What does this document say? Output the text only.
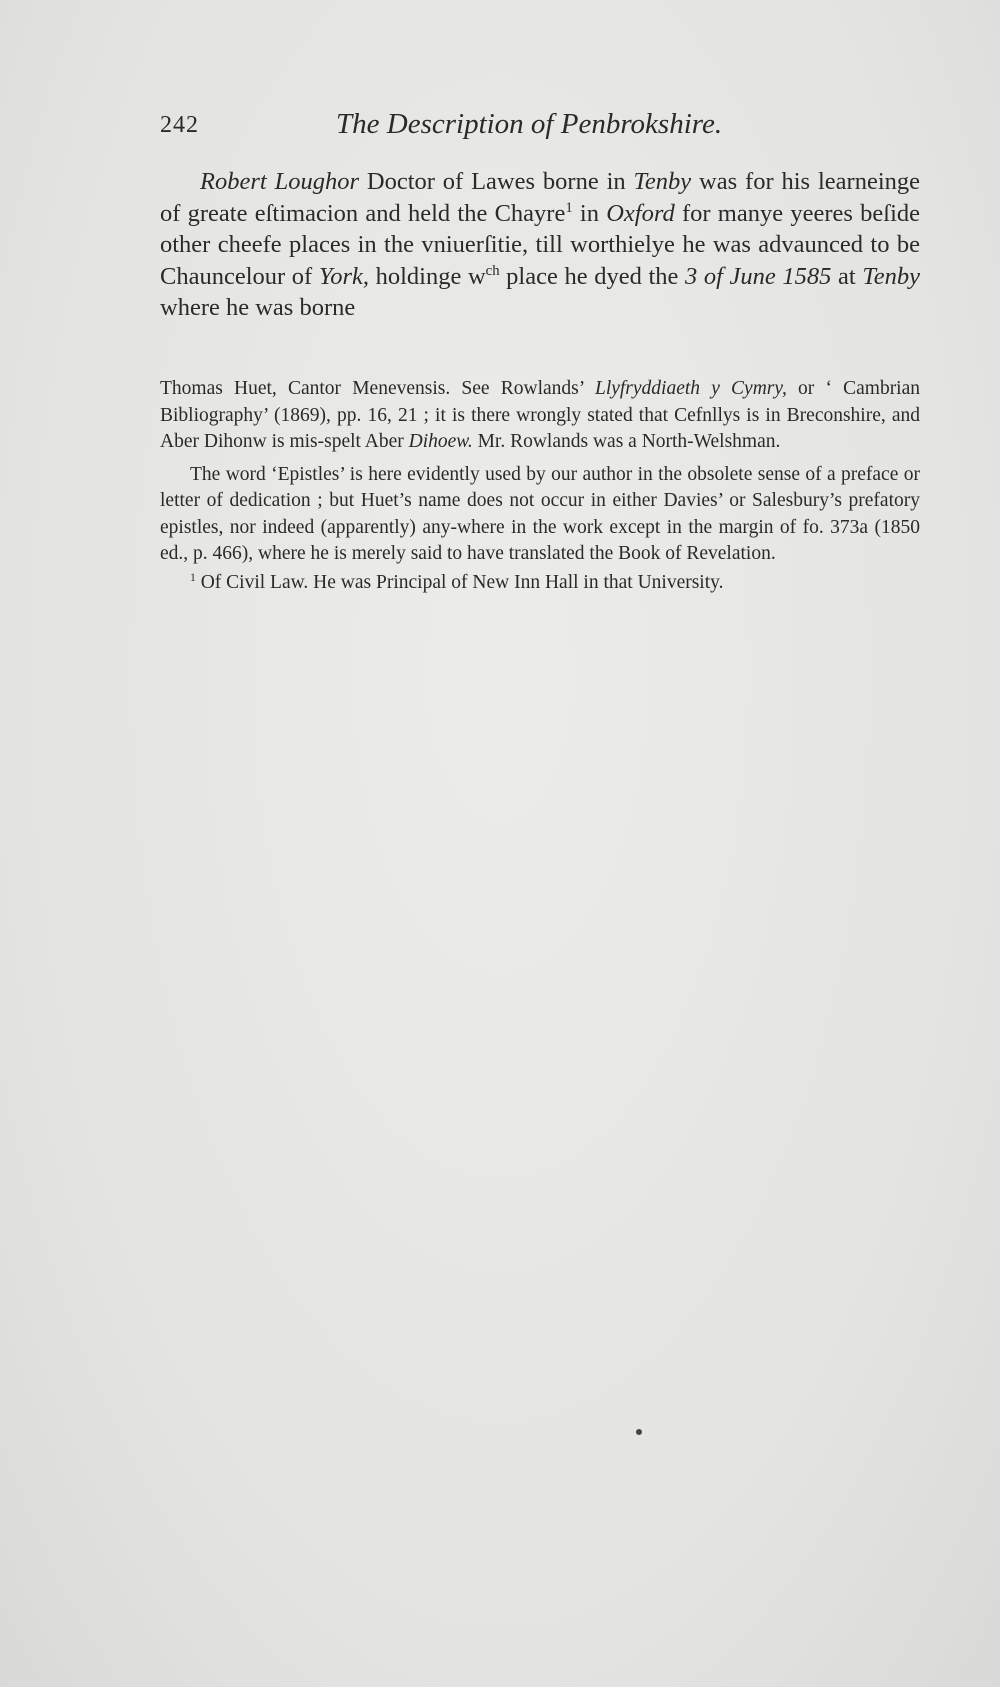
242	The Description of Penbrokshire.

Robert Loughor Doctor of Lawes borne in Tenby was for his learneinge of greate eſtimacion and held the Chayre$^1$ in Oxford for manye yeeres beſide other cheefe places in the vniuerſitie, till worthielye he was advaunced to be Chauncelour of York, holdinge $w^{ch}$ place he dyed the 3 of June 1585 at Tenby where he was borne

Thomas Huet, Cantor Menevensis. See Rowlands’ Llyfryddiaeth y Cymry, or ‘ Cambrian Bibliography’ (1869), pp. 16, 21 ; it is there wrongly stated that Cefnllys is in Breconshire, and Aber Dihonw is mis-spelt Aber Dihoew. Mr. Rowlands was a North-Welshman.

The word ‘Epistles’ is here evidently used by our author in the obsolete sense of a preface or letter of dedication ; but Huet’s name does not occur in either Davies’ or Salesbury’s prefatory epistles, nor indeed (apparently) any-where in the work except in the margin of fo. 373a (1850 ed., p. 466), where he is merely said to have translated the Book of Revelation.

$^1$ Of Civil Law. He was Principal of New Inn Hall in that University.
